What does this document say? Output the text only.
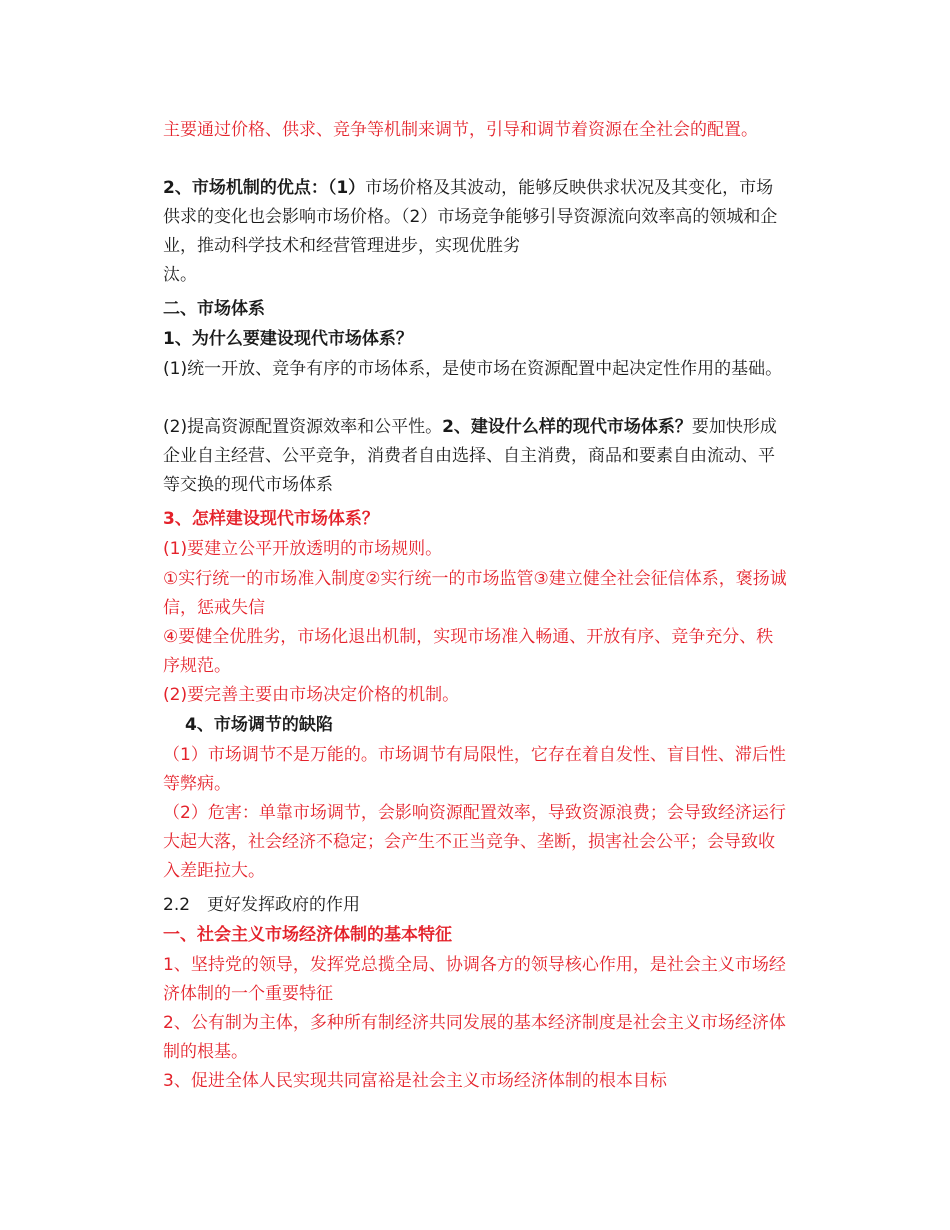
主要通过价格、供求、竞争等机制来调节，引导和调节着资源在全社会的配置。

2、市场机制的优点：（1）市场价格及其波动，能够反映供求状况及其变化，市场供求的变化也会影响市场价格。（2）市场竞争能够引导资源流向效率高的领城和企业，推动科学技术和经营管理进步，实现优胜劣
汰。

二、市场体系

1、为什么要建设现代市场体系？

(1)统一开放、竞争有序的市场体系，是使市场在资源配置中起决定性作用的基础。

(2)提高资源配置资源效率和公平性。2、建设什么样的现代市场体系？要加快形成企业自主经营、公平竞争，消费者自由选择、自主消费，商品和要素自由流动、平等交换的现代市场体系

3、怎样建设现代市场体系？

(1)要建立公平开放透明的市场规则。

①实行统一的市场准入制度②实行统一的市场监管③建立健全社会征信体系，褒扬诚信，惩戒失信

④要健全优胜劣，市场化退出机制，实现市场准入畅通、开放有序、竞争充分、秩序规范。

(2)要完善主要由市场决定价格的机制。

4、市场调节的缺陷

（1）市场调节不是万能的。市场调节有局限性，它存在着自发性、盲目性、滞后性等弊病。

（2）危害：单靠市场调节，会影响资源配置效率，导致资源浪费；会导致经济运行大起大落，社会经济不稳定；会产生不正当竞争、垄断，损害社会公平；会导致收入差距拉大。

2.2　更好发挥政府的作用

一、社会主义市场经济体制的基本特征

1、坚持党的领导，发挥党总揽全局、协调各方的领导核心作用，是社会主义市场经济体制的一个重要特征

2、公有制为主体，多种所有制经济共同发展的基本经济制度是社会主义市场经济体制的根基。

3、促进全体人民实现共同富裕是社会主义市场经济体制的根本目标
